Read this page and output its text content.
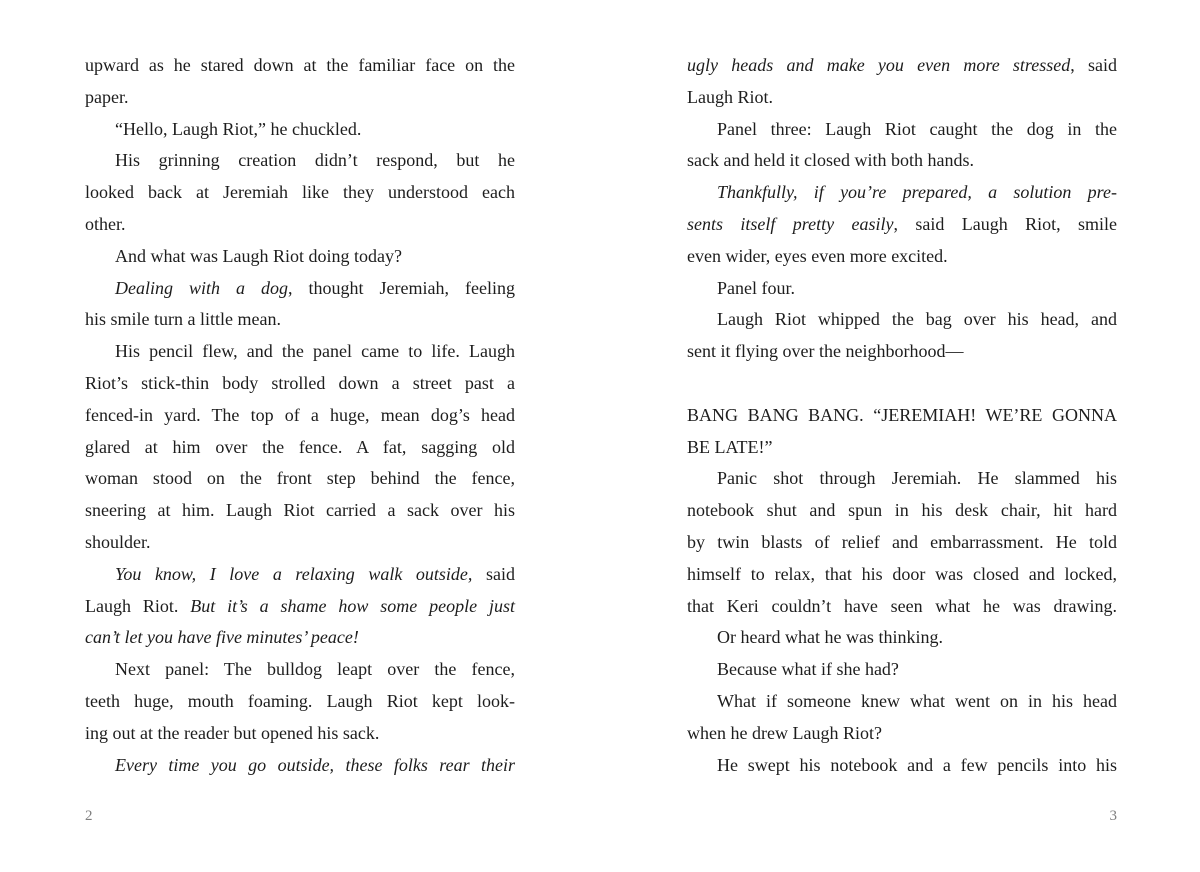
upward as he stared down at the familiar face on the
paper.
“Hello, Laugh Riot,” he chuckled.
His grinning creation didn’t respond, but he
looked back at Jeremiah like they understood each
other.
And what was Laugh Riot doing today?
Dealing with a dog, thought Jeremiah, feeling
his smile turn a little mean.
His pencil flew, and the panel came to life. Laugh
Riot’s stick-thin body strolled down a street past a
fenced-in yard. The top of a huge, mean dog’s head
glared at him over the fence. A fat, sagging old
woman stood on the front step behind the fence,
sneering at him. Laugh Riot carried a sack over his
shoulder.
You know, I love a relaxing walk outside, said
Laugh Riot. But it’s a shame how some people just
can’t let you have five minutes’ peace!
Next panel: The bulldog leapt over the fence,
teeth huge, mouth foaming. Laugh Riot kept look-
ing out at the reader but opened his sack.
Every time you go outside, these folks rear their
2
ugly heads and make you even more stressed, said
Laugh Riot.
Panel three: Laugh Riot caught the dog in the
sack and held it closed with both hands.
Thankfully, if you’re prepared, a solution pre-
sents itself pretty easily, said Laugh Riot, smile
even wider, eyes even more excited.
Panel four.
Laugh Riot whipped the bag over his head, and
sent it flying over the neighborhood—

BANG BANG BANG. “JEREMIAH! WE’RE GONNA
BE LATE!”
Panic shot through Jeremiah. He slammed his
notebook shut and spun in his desk chair, hit hard
by twin blasts of relief and embarrassment. He told
himself to relax, that his door was closed and locked,
that Keri couldn’t have seen what he was drawing.
Or heard what he was thinking.
Because what if she had?
What if someone knew what went on in his head
when he drew Laugh Riot?
He swept his notebook and a few pencils into his
3
